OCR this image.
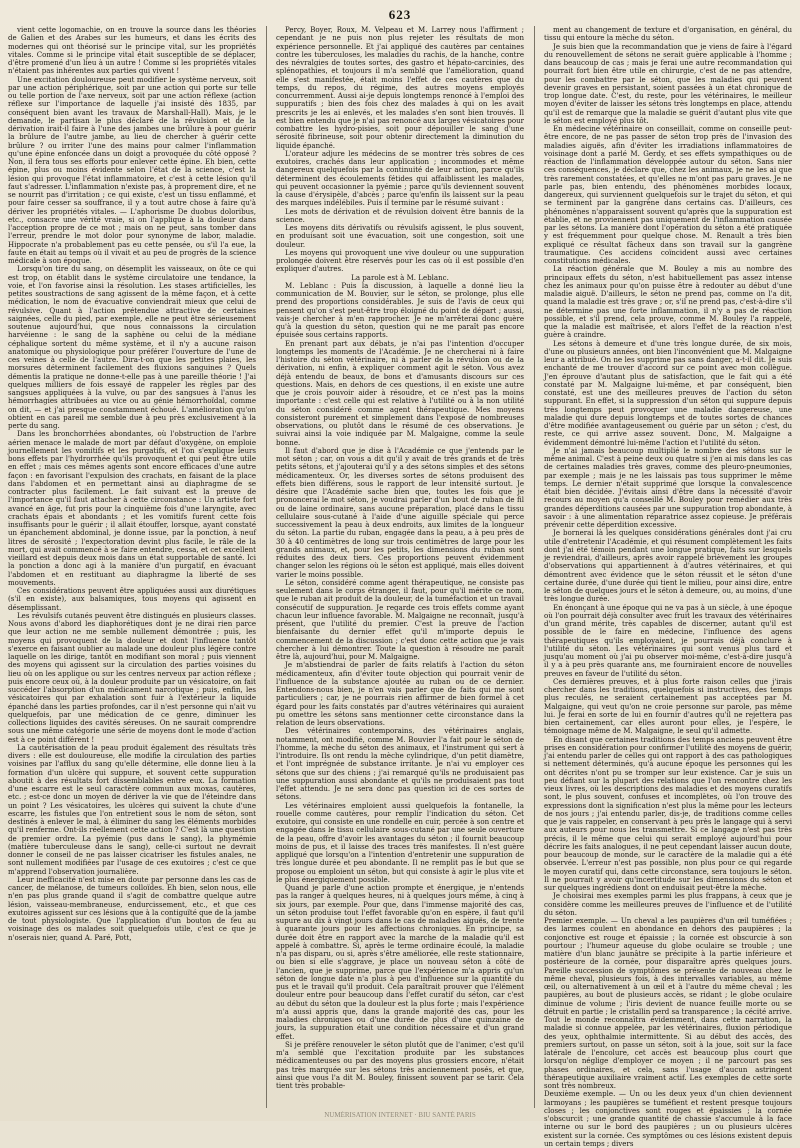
623

vient cette logomachie, on en trouve la source dans les théories de Galien et des Arabes sur les humeurs, et dans les écrits des modernes qui ont théorisé sur le principe vital, sur les propriétés vitales. Comme si le principe vital était susceptible de se déplacer, d'être promené d'un lieu à un autre ! Comme si les propriétés vitales n'étaient pas inhérentes aux parties qui vivent !

Une excitation douloureuse peut modifier le système nerveux, soit par une action périphérique, soit par une action qui porte sur telle ou telle portion de l'axe nerveux, soit par une action réflexe (action réflexe sur l'importance de laquelle j'ai insisté dès 1835, par conséquent bien avant les travaux de Marshall-Hall). Mais, je le demande, le partisan le plus déclaré de la révulsion et de la dérivation irait-il faire à l'une des jambes une brûlure à pour guérir la brûlure de l'autre jambe, au lieu de chercher à guérir cette brûlure ? ou irriter l'une des mains pour calmer l'inflammation qu'une épine enfoncée dans un doigt a provoquée du côté opposé ? Non, il fera tous ses efforts pour enlever cette épine. Eh bien, cette épine, plus ou moins évidente selon l'état de la science, c'est la lésion qui provoque l'état inflammatoire, et c'est à cette lésion qu'il faut s'adresser. L'inflammation n'existe pas, à proprement dire, et ne se nourrit pas d'irritation ; ce qui existe, c'est un tissu enflammé, et pour faire cesser sa souffrance, il y a tout autre chose à faire qu'à dériver les propriétés vitales. — L'aphorisme De duobus doloribus, etc., consacre une vérité vraie, si on l'applique à la douleur dans l'acception propre de ce mot ; mais on ne peut, sans tomber dans l'erreur, prendre le mot dolor pour synonyme de labor, maladie. Hippocrate n'a probablement pas eu cette pensée, ou s'il l'a eue, la faute en était au temps où il vivait et au peu de progrès de la science médicale à son époque.

Lorsqu'on tire du sang, on désemplit les vaisseaux, on ôte ce qui est trop, on établit dans le système circulatoire une tendance, la voie, et l'on favorise ainsi la résolution. Les stases artificielles, les petites soustractions de sang agissent de la même façon, et à cette médication, le nom de évacuative conviendrait mieux que celui de révulsive. Quant à l'action prétendue attractive de certaines saignées, celle du pied, par exemple, elle ne peut être sérieusement soutenue aujourd'hui, que nous connaissons la circulation harvéienne : le sang de la saphène ou celui de la médiane céphalique sortent du même système, et il n'y a aucune raison anatomique ou physiologique pour préférer l'ouverture de l'une de ces veines à celle de l'autre. Dira-t-on que les petites plaies, les morsures déterminent facilement des fluxions sanguines ? Quels démentis la pratique ne donne-t-elle pas à une pareille théorie ! J'ai quelques milliers de fois essayé de rappeler les règles par des sangsues appliquées à la vulve, ou par des sangsues à l'anus les hémorrhagies attribuées au vice ou au génie hémorrhoïdal, comme on dit, — et j'ai presque constamment échoué. L'amélioration qu'on obtient en cas pareil me semble due à peu près exclusivement à la perte du sang.

Dans les bronchorrhées abondantes, où l'obstruction de l'arbre aérien menace le malade de mort par défaut d'oxygène, on emploie journellement les vomitifs et les purgatifs, et l'on s'explique leurs bons effets par l'hydrorrhée qu'ils provoquent et qui peut être utile en effet ; mais ces mêmes agents sont encore efficaces d'une autre façon : en favorisant l'expulsion des crachats, en faisant de la place dans l'abdomen et en permettant ainsi au diaphragme de se contracter plus facilement. Le fait suivant est la preuve de l'importance qu'il faut attacher à cette circonstance : Un artiste fort avancé en âge, fut pris pour la cinquième fois d'une laryngite, avec crachats épais et abondants ; et les vomitifs furent cette fois insuffisants pour le guérir ; il allait étouffer, lorsque, ayant constaté un épanchement abdominal, je donne issue, par la ponction, à neuf litres de sérosité ; l'expectoration devint plus facile, le râle de la mort, qui avait commencé à se faire entendre, cessa, et cet excellent vieillard est depuis deux mois dans un état supportable de santé. Ici la ponction a donc agi à la manière d'un purgatif, en évacuant l'abdomen et en restituant au diaphragme la liberté de ses mouvements.

Ces considérations peuvent être appliquées aussi aux diurétiques (s'il en existe), aux balsamiques, tous moyens qui agissent en désemplissant.

Les révulsifs cutanés peuvent être distingués en plusieurs classes. Nous avons d'abord les diaphorétiques dont je ne dirai rien parce que leur action ne me semble nullement démontrée ; puis, les moyens qui provoquent de la douleur et dont l'influence tantôt s'exerce en faisant oublier au malade une douleur plus légère contre laquelle on les dirige, tantôt en modifiant son moral ; puis viennent des moyens qui agissent sur la circulation des parties voisines du lieu où on les applique ou sur les centres nerveux par action réflexe ; puis encore ceux où, à la douleur produite par un vésicatoire, on fait succéder l'absorption d'un médicament narcotique ; puis, enfin, les vésicatoires qui par exhalation sont fuir à l'extérieur la liquide épanché dans les parties profondes, car il n'est personne qui n'ait vu quelquefois, par une médication de ce genre, diminuer les collections liquides des cavités séreuses. On ne saurait comprendre sous une même catégorie une série de moyens dont le mode d'action est à ce point différent !

La cautérisation de la peau produit également des résultats très divers : elle est douloureuse, elle modifie la circulation des parties voisines par l'afflux du sang qu'elle détermine, elle donne lieu à la formation d'un ulcère qui suppure, et souvent cette suppuration aboutit à des résultats fort dissemblables entre eux. La formation d'une escarre est le seul caractère commun aux moxas, cautères, etc. ; est-ce donc un moyen de dériver la vie que de l'éteindre dans un point ? Les vésicatoires, les ulcères qui suivent la chute d'une escarre, les fistules que l'on entretient sous le nom de séton, sont destinés à enlever le mal, à éliminer du sang les éléments morbides qu'il renferme. Ont-ils réellement cette action ? C'est là une question de premier ordre. La pyémie (pus dans le sang), la phymémie (matière tuberculeuse dans le sang), celle-ci surtout ne devrait donner le conseil de ne pas laisser cicatriser les fistules anales, ne sont nullement modifiées par l'usage de ces exutoires ; c'est ce que m'apprend l'observation journalière.

Leur inefficacité n'est mise en doute par personne dans les cas de cancer, de mélanose, de tumeurs colloïdes. Eh bien, selon nous, elle n'en pas plus grande quand il s'agit de combattre quelque autre lésion, vaisseau-membraneuse, endurcissement, etc., et que ces exutoires agissent sur ces lésions que à la contiguïté que de la jambe de tout physiologiste. Que l'application d'un bouton de feu au voisinage des os malades soit quelquefois utile, c'est ce que je n'oserais nier, quand A. Paré, Pott,

Percy, Boyer, Roux, M. Velpeau et M. Larrey nous l'affirment ; cependant je ne puis non plus rejeter les résultats de mon expérience personnelle. Et j'ai appliqué des cautères par centaines contre les tuberculoses, les maladies du rachis, de la hanche, contre des névralgies de toutes sortes, des gastro et hépato-carcinies, des splénopathies, et toujours il m'a semblé que l'amélioration, quand elle s'est manifestée, était moins l'effet de ces cautères que du temps, du repos, du régime, des autres moyens employés concurremment. Aussi ai-je depuis longtemps renoncé à l'emploi des suppuratifs ; bien des fois chez des malades à qui on les avait prescrits je les ai enlevés, et les malades s'en sont bien trouvés. Il est bien entendu que je n'ai pas renoncé aux larges vésicatoires pour combattre les hydro-pisies, soit pour dépouiller le sang d'une sérosité fibrineuse, soit pour obtenir directement la diminution du liquide épanché.

L'orateur adjure les médecins de se montrer très sobres de ces exutoires, crachés dans leur application ; incommodes et même dangereux quelquefois par la continuité de leur action, parce qu'ils déterminent des écoulements fétides qui affaiblissent les malades, qui peuvent occasionner la pyémie ; parce qu'ils deviennent souvent la cause d'érysipèle, d'abcès ; parce qu'enfin ils laissent sur la peau des marques indélébiles. Puis il termine par le résumé suivant :

Les mots de dérivation et de révulsion doivent être bannis de la science.

Les moyens dits dérivatifs ou révulsifs agissent, le plus souvent, en produisant soit une évacuation, soit une congestion, soit une douleur.

Les moyens qui provoquent une vive douleur ou une suppuration prolongée doivent être réservés pour les cas où il est possible d'en expliquer d'autres.

La parole est à M. Leblanc.

M. Leblanc : Puis la discussion, à laquelle a donné lieu la communication de M. Bouvier, sur le séton, se prolonge, plus elle prend des proportions considérables. Je suis de l'avis de ceux qui pensent qu'on s'est peut-être trop éloigné du point de départ ; aussi, vais-je chercher à m'en rapprocher. Je ne m'arrêterai donc guère qu'à la question du séton, question qui ne me paraît pas encore épuisée sous certains rapports.

En prenant part aux débats, je n'ai pas l'intention d'occuper longtemps les moments de l'Académie. Je ne chercherai ni à faire l'histoire du séton vétérinaire, ni à parler de la révulsion ou de la dérivation, ni enfin, à expliquer comment agit le séton. Vous avez déjà entendu de beaux, de bons et d'amusants discours sur ces questions. Mais, en dehors de ces questions, il en existe une autre que je crois pouvoir aider à résoudre, et ce n'est pas la moins importante : c'est celle qui est relative à l'utilité ou à la non utilité du séton considéré comme agent thérapeutique. Mes moyens consisteront purement et simplement dans l'exposé de nombreuses observations, ou plutôt dans le résumé de ces observations. Je suivrai ainsi la voie indiquée par M. Malgaigne, comme la seule bonne.

Il faut d'abord que je dise à l'Académie ce que j'entends par le mot séton ; car, on vous a dit qu'il y avait de très grands et de très petits sétons, et j'ajouterai qu'il y a des sétons simples et des sétons médicamenteux. Or, les diverses sortes de sétons produisent des effets bien différens, sous le rapport de leur intensité surtout. Je désire que l'Académie sache bien que, toutes les fois que je prononcerai le mot séton, je voudrai parler d'un bout de ruban de fil ou de laine ordinaire, sans aucune préparation, placé dans le tissu cellulaire sous-cutané à l'aide d'une aiguille spéciale qui perce successivement la peau à deux endroits, aux limites de la longueur du séton. La partie du ruban, engagée dans la peau, a à peu près de 30 à 40 centimètres de long sur trois centimètres de large pour les grands animaux, et, pour les petits, les dimensions du ruban sont réduites des deux tiers. Ces proportions peuvent évidemment changer selon les régions où le séton est appliqué, mais elles doivent varier le moins possible.

Le séton, considéré comme agent thérapeutique, ne consiste pas seulement dans le corps étranger, il faut, pour qu'il mérite ce nom, que le ruban ait produit de la douleur, de la tuméfaction et un travail consécutif de suppuration. Je regarde ces trois effets comme ayant chacun leur influence favorable. M. Malgaigne ne reconnaît, jusqu'à présent, que l'utilité du premier. C'est la preuve de l'action bienfaisante du dernier effet qu'il m'importe depuis le commencement de la discussion ; c'est donc cette action que je vais chercher à lui démontrer. Toute la question à résoudre me paraît être là, aujourd'hui, pour M. Malgaigne.

Je m'abstiendrai de parler de faits relatifs à l'action du séton médicamenteux, afin d'éviter toute objection qui pourrait venir de l'influence de la substance ajoutée au ruban ou de ce dernier. Entendons-nous bien, je n'en vais parler que de faits qui me sont particuliers ; car, je ne pourrais rien affirmer de bien formel à cet égard pour les faits constatés par d'autres vétérinaires qui auraient pu omettre les sétons sans mentionner cette circonstance dans la relation de leurs observations.

Des vétérinaires contemporains, des vétérinaires anglais, notamment, ont modifié, comme M. Bouvier l'a fait pour le séton de l'homme, la mèche du séton des animaux, et l'instrument qui sert à l'introduire. Ils ont rendu la mèche cylindrique, d'un petit diamètre, et l'ont imprégnée de substance irritante. Je n'ai vu employer ces sétons que sur des chiens ; j'ai remarqué qu'ils ne produisaient pas une suppuration aussi abondante et qu'ils ne produisaient pas tout l'effet attendu. Je ne sera donc pas question ici de ces sortes de sétons.

Les vétérinaires emploient aussi quelquefois la fontanelle, la rouelle comme cautères, pour remplir l'indication du séton. Cet exutoire, qui consiste en une rondelle en cuir, percée à son centre et engagée dans le tissu cellulaire sous-cutané par une seule ouverture de la peau, offre d'avoir les avantages du séton ; il fournit beaucoup moins de pus, et il laisse des traces très manifestes. Il n'est guère appliqué que lorsqu'on a l'intention d'entretenir une suppuration de très longue durée et peu abondante. Il ne remplit pas le but que se propose ou emploient un séton, but qui consiste à agir le plus vite et le plus énergiquement possible.

Quand je parle d'une action prompte et énergique, je n'entends pas la ranger à quelques heures, ni à quelques jours même, à cinq à six jours, par exemple. Pour que, dans l'immense majorité des cas, un séton produise tout l'effet favorable qu'on en espère, il faut qu'il supure au dix à vingt jours dans le cas de maladies aiguës, de trente à quarante jours pour les affections chroniques. En principe, sa durée doit être en rapport avec la marche de la maladie qu'il est appelé à combattre. Si, après le terme ordinaire écoulé, la maladie n'a pas disparu, ou si, après s'être améliorée, elle reste stationnaire, ou bien si elle s'aggrave, je place un nouveau séton à côté de l'ancien, que je supprime, parce que l'expérience m'a appris qu'un séton de longue date n'a plus à peu d'influence sur la quantité du pus et le travail qu'il produit. Cela paraîtrait prouver que l'élément douleur entre pour beaucoup dans l'effet curatif du séton, car c'est au début du séton que la douleur est la plus forte ; mais l'expérience m'a aussi appris que, dans la grande majorité des cas, pour les maladies chroniques ou d'une durée de plus d'une quinzaine de jours, la suppuration était une condition nécessaire et d'un grand effet.

Si je préfère renouveler le séton plutôt que de l'animer, c'est qu'il m'a semblé que l'excitation produite par les substances médicamenteuses ou par des moyens plus grossiers encore, n'était pas très marquée sur les sétons très anciennement posés, et que, ainsi que vous l'a dit M. Bouley, finissent souvent par se tarir. Cela tient très probable-

ment au changement de texture et d'organisation, en général, du tissu qui entoure la mèche du séton.

Je suis bien que la recommandation que je viens de faire à l'égard du renouvellement de sétons ne serait guère applicable à l'homme ; dans beaucoup de cas ; mais je ferai une autre recommandation qui pourrait fort bien être utile en chirurgie, c'est de ne pas attendre, pour les combattre par le séton, que les maladies qui peuvent devenir graves en persistant, soient passées à un état chronique de trop longue date. C'est, du reste, pour les vétérinaires, le meilleur moyen d'éviter de laisser les sétons très longtemps en place, attendu qu'il est de remarque que la maladie se guérit d'autant plus vite que le séton est employé plus tôt.

En médecine vétérinaire on conseillait, comme on conseille peut-être encore, de ne pas passer de séton trop près de l'invasion des maladies aiguës, afin d'éviter les irradiations inflammatoires de voisinage dont a parlé M. Gerdy, et ses effets sympathiques ou de réaction de l'inflammation développée autour du séton. Sans nier ces conséquences, je déclare que, chez les animaux, je ne les ai que très rarement constatées, et qu'elles ne m'ont pas paru graves. Je ne parle pas, bien entendu, des phénomènes morbides locaux, dangereux, qui surviennent quelquefois sur le trajet du séton, et qui se terminent par la gangrène dans certains cas. D'ailleurs, ces phénomènes n'apparaissent souvent qu'après que la suppuration est établie, et ne proviennent pas uniquement de l'inflammation causée par les sétons. La manière dont l'opération du séton a été pratiquée y est fréquemment pour quelque chose. M. Renault a très bien expliqué ce résultat fâcheux dans son travail sur la gangrène traumatique. Ces accidens coïncident aussi avec certaines constitutions médicales.

La réaction générale que M. Bouley a mis au nombre des principaux effets du séton, n'est habituellement pas assez intense chez les animaux pour qu'on puisse être à redouter au début d'une maladie aiguë. D'ailleurs, le séton ne prend pas, comme on l'a dit, quand la maladie est très grave ; or, s'il ne prend pas, c'est-à-dire s'il ne détermine pas une forte inflammation, il n'y a pas de réaction possible, et s'il prend, cela prouve, comme M. Bouley l'a rappelé, que la maladie est maîtrisée, et alors l'effet de la réaction n'est guère à craindre.

Les sétons à demeure et d'une très longue durée, de six mois, d'une ou plusieurs années, ont bien l'inconvénient que M. Malgaigne leur a attribué. On ne les supprime pas sans danger, a-t-il dit. Je suis enchanté de me trouver d'accord sur ce point avec mon collègue. J'en éprouve d'autant plus de satisfaction, que le fait qui a été constaté par M. Malgaigne lui-même, et par conséquent, bien constaté, est une des meilleures preuves de l'action du séton suppurant. En effet, si la suppression d'un séton qui suppure depuis très longtemps peut provoquer une maladie dangereuse, une maladie qui dure depuis longtemps et de toutes sortes de chances d'être modifiée avantageusement ou guérie par un séton ; c'est, du reste, ce qui arrive assez souvent. Donc, M. Malgaigne a évidemment démontré lui-même l'action et l'utilité du séton.

Je n'ai jamais beaucoup multiplié le nombre des sétons sur le même animal. C'est à peine deux ou quatre si j'en ai mis dans les cas de certaines maladies très graves, comme des pleuro-pneumonies, par exemple ; mais je ne les laissais pas tous supprimer le même temps. Le dernier n'était supprimé que lorsque la convalescence était bien décidée. J'évitais ainsi d'être dans la nécessité d'avoir recours au moyen qu'a conseillé M. Bouley pour remédier aux très grandes déperditions causées par une suppuration trop abondante, à savoir : à une alimentation réparatrice assez copieuse. Je préférais prévenir cette déperdition excessive.

Je bornerai là les quelques considérations générales dont j'ai cru utile d'entretenir l'Académie, et qui résument complètement les faits dont j'ai été témoin pendant une longue pratique, faits sur lesquels je reviendrai, d'ailleurs, après avoir rappelé brièvement les groupes d'observations qui appartiennent à d'autres vétérinaires, et qui démontrent avec évidence que le séton réussit et le séton d'une certaine durée, d'une durée qui tient le milieu, pour ainsi dire, entre le séton de quelques jours et le séton à demeure, ou, au moins, d'une très longue durée.

En énonçant à une époque qui ne va pas à un siècle, à une époque où l'on pourrait déjà consulter avec fruit les travaux des vétérinaires d'un grand mérite, très capables de discerner, autant qu'il est possible de le faire en médecine, l'influence des agens thérapeutiques qu'ils employaient, je pourrais déjà conclure à l'utilité du séton. Les vétérinaires qui sont venus plus tard et jusqu'au moment où j'ai pu observer moi-même, c'est-à-dire jusqu'à il y a à peu près quarante ans, me fourniraient encore de nouvelles preuves en faveur de l'utilité du séton.

Ces dernières preuves, et à plus forte raison celles que j'irais chercher dans les traditions, quelquefois si instructives, des temps plus reculés, ne seraient certainement pas acceptées par M. Malgaigne, qui veut qu'on ne croie personne sur parole, pas même lui. Je ferai en sorte de lui en fournir d'autres qu'il ne rejettera pas bien certainement, car elles auront pour elles, je l'espère, le témoignage même de M. Malgaigne, le seul qu'il admette.

En disant que certaines traditions des temps anciens peuvent être prises en considération pour confirmer l'utilité des moyens de guérir, j'ai entendu parler de celles qui ont rapport à des cas pathologiques si nettement déterminés, qu'à aucune époque les personnes qui les ont décrites n'ont pu se tromper sur leur existence. Car je suis un peu défiant sur la plupart des relations que l'on rencontre chez les vieux livres, où les descriptions des maladies et des moyens curatifs sont, le plus souvent, confuses et incomplètes, où l'on trouve des expressions dont la signification n'est plus la même pour les lecteurs de nos jours ; j'ai entendu parler, dis-je, de traditions comme celles que je vais rappeler, en conservant à peu près le langage qui à servi aux auteurs pour nous les transmettre. Si ce langage n'est pas très précis, il le même que celui qui serait employé aujourd'hui pour décrire les faits analogues, il ne peut cependant laisser aucun doute, pour beaucoup de monde, sur le caractère de la maladie qui a été observée. L'erreur n'est pas possible, non plus pour ce qui regarde le moyen curatif qui, dans cette circonstance, sera toujours le séton. Il ne pourrait y avoir qu'incertitude sur les dimensions du séton et sur quelques ingrédiens dont on enduisait peut-être la mèche.

Je choisirai mes exemples parmi les plus frappans, à ceux que je considère comme les meilleures preuves de l'influence et de l'utilité du séton.

Premier exemple. — Un cheval a les paupières d'un œil tuméfiées ; des larmes coulent en abondance en dehors des paupières ; la conjonctive est rouge et épaissie ; la cornée est obscurcie à son pourtour ; l'humeur aqueuse du globe oculaire se trouble ; une matière d'un blanc jaunâtre se précipite à la partie inférieure et postérieure de la cornée, pour disparaître après quelques jours. Pareille succession de symptômes se présente de nouveau chez le même cheval, plusieurs fois, à des intervalles variables, au même œil, ou alternativement à un œil et à l'autre du même cheval ; les paupières, au bout de plusieurs accès, se ridant ; le globe oculaire diminue de volume ; l'iris devient de nuance feuille morte ou se détruit en partie ; le cristallin perd sa transparence ; la cécité arrive. Tout le monde reconnaîtra évidemment, dans cette narration, la maladie si connue appelée, par les vétérinaires, fluxion périodique des yeux, ophthalmie intermittente. Si au début des accès, des premiers surtout, on passe un séton, soit à la joue, soit sur la face latérale de l'encolure, cet accès est beaucoup plus court que lorsqu'on néglige d'employer ce moyen ; il ne parcourt pas ses phases ordinaires, et cela, sans l'usage d'aucun astringent thérapeutique auxiliaire vraiment actif. Les exemples de cette sorte sont très nombreux.

Deuxième exemple. — Un ou les deux yeux d'un chien deviennent larmoyans ; les paupières se tuméfient et restent presque toujours closes ; les conjonctives sont rouges et épaissies ; la cornée s'obscurcit ; une grande quantité de chassie s'accumule à la face interne ou sur le bord des paupières ; un ou plusieurs ulcères existent sur la cornée. Ces symptômes ou ces lésions existent depuis un certain temps ; divers

NUMÉRISATION INTERNET · BIU SANTÉ PARIS
